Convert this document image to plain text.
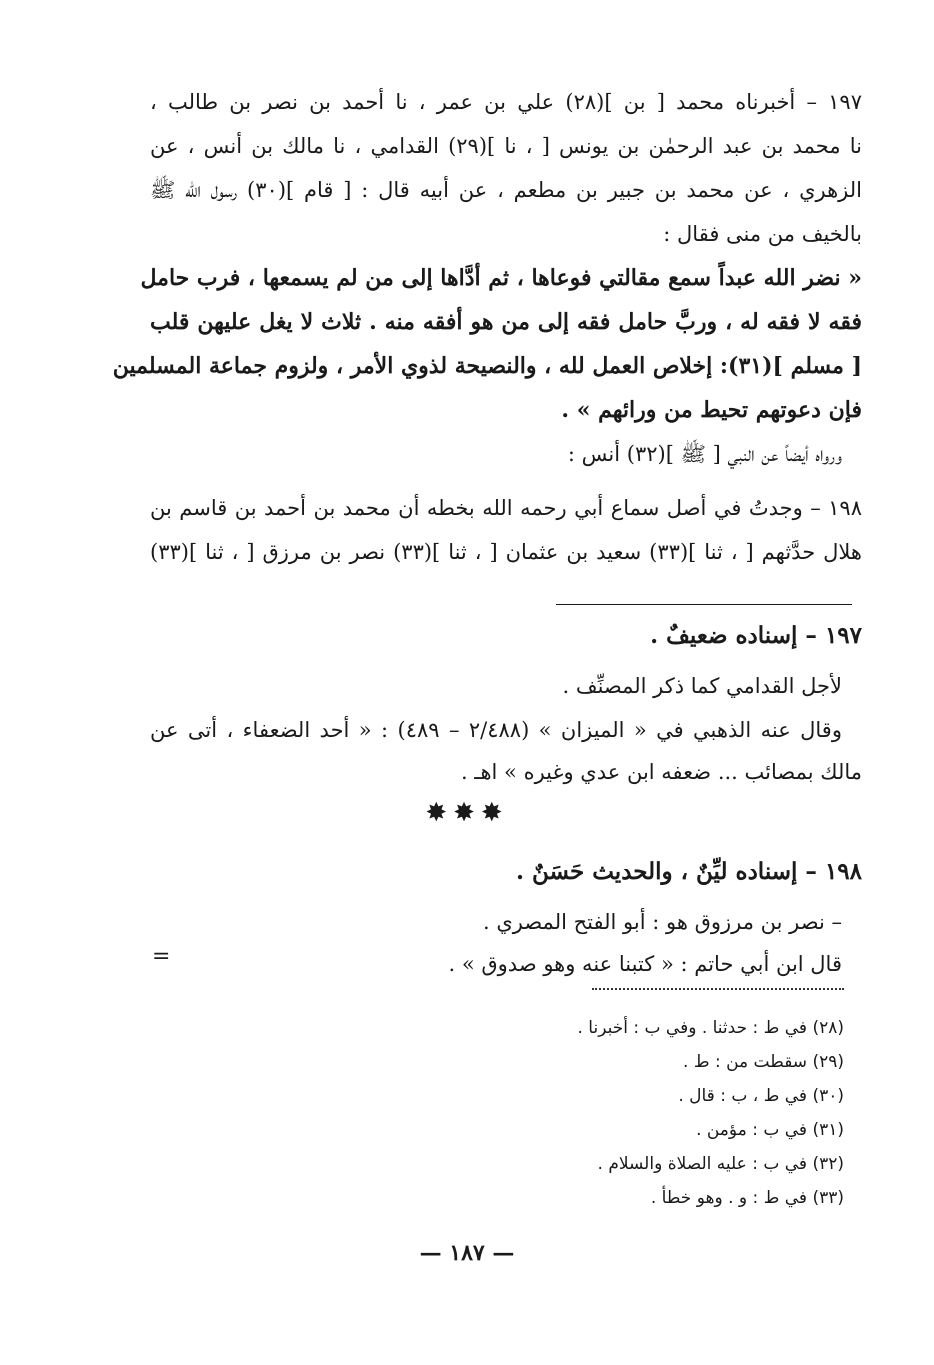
١٩٧ – أخبرناه محمد [ بن ](٢٨) علي بن عمر ، نا أحمد بن نصر بن طالب ،
نا محمد بن عبد الرحمٰن بن يونس [ ، نا ](٢٩) القدامي ، نا مالك بن أنس ، عن
الزهري ، عن محمد بن جبير بن مطعم ، عن أبيه قال : [ قام ](٣٠) رسول الله ﷺ
بالخيف من منى فقال :
« نضر الله عبداً سمع مقالتي فوعاها ، ثم أدَّاها إلى من لم يسمعها ، فرب حامل
فقه لا فقه له ، وربَّ حامل فقه إلى من هو أفقه منه . ثلاث لا يغل عليهن قلب
[ مسلم ](٣١): إخلاص العمل لله ، والنصيحة لذوي الأمر ، ولزوم جماعة المسلمين
فإن دعوتهم تحيط من ورائهم » .
ورواه أيضاً عن النبي [ ﷺ ](٣٢) أنس :
١٩٨ – وجدتُ في أصل سماع أبي رحمه الله بخطه أن محمد بن أحمد بن قاسم بن
هلال حدَّثهم [ ، ثنا ](٣٣) سعيد بن عثمان [ ، ثنا ](٣٣) نصر بن مرزق [ ، ثنا ](٣٣)
١٩٧ – إسناده ضعيفٌ .
لأجل القدامي كما ذكر المصنِّف .
وقال عنه الذهبي في « الميزان » (٢/٤٨٨ – ٤٨٩) : « أحد الضعفاء ، أتى عن
مالك بمصائب ... ضعفه ابن عدي وغيره » اهـ .
✸✸✸
١٩٨ – إسناده ليِّنٌ ، والحديث حَسَنٌ .
– نصر بن مرزوق هو : أبو الفتح المصري .
قال ابن أبي حاتم : « كتبنا عنه وهو صدوق » .
=
(٢٨) في ط : حدثنا . وفي ب : أخبرنا .
(٢٩) سقطت من : ط .
(٣٠) في ط ، ب : قال .
(٣١) في ب : مؤمن .
(٣٢) في ب : عليه الصلاة والسلام .
(٣٣) في ط : و . وهو خطأ .
— ١٨٧ —
